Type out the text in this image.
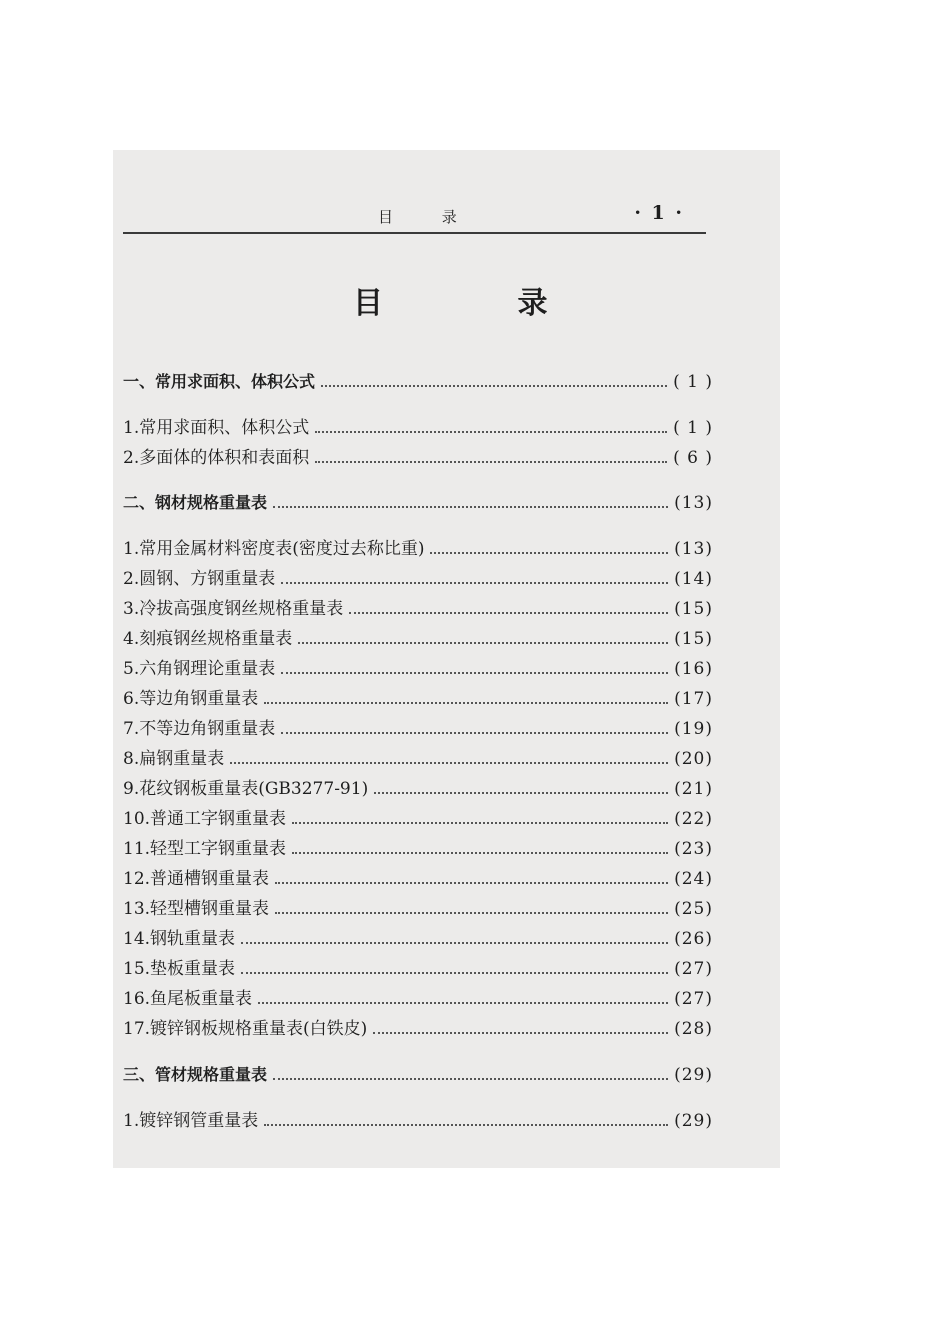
目 录	· 1 ·
目 录
一、常用求面积、体积公式	( 1 )
1.常用求面积、体积公式	( 1 )
2.多面体的体积和表面积	( 6 )
二、钢材规格重量表	(13)
1.常用金属材料密度表(密度过去称比重)	(13)
2.圆钢、方钢重量表	(14)
3.冷拔高强度钢丝规格重量表	(15)
4.刻痕钢丝规格重量表	(15)
5.六角钢理论重量表	(16)
6.等边角钢重量表	(17)
7.不等边角钢重量表	(19)
8.扁钢重量表	(20)
9.花纹钢板重量表(GB3277-91)	(21)
10.普通工字钢重量表	(22)
11.轻型工字钢重量表	(23)
12.普通槽钢重量表	(24)
13.轻型槽钢重量表	(25)
14.钢轨重量表	(26)
15.垫板重量表	(27)
16.鱼尾板重量表	(27)
17.镀锌钢板规格重量表(白铁皮)	(28)
三、管材规格重量表	(29)
1.镀锌钢管重量表	(29)
